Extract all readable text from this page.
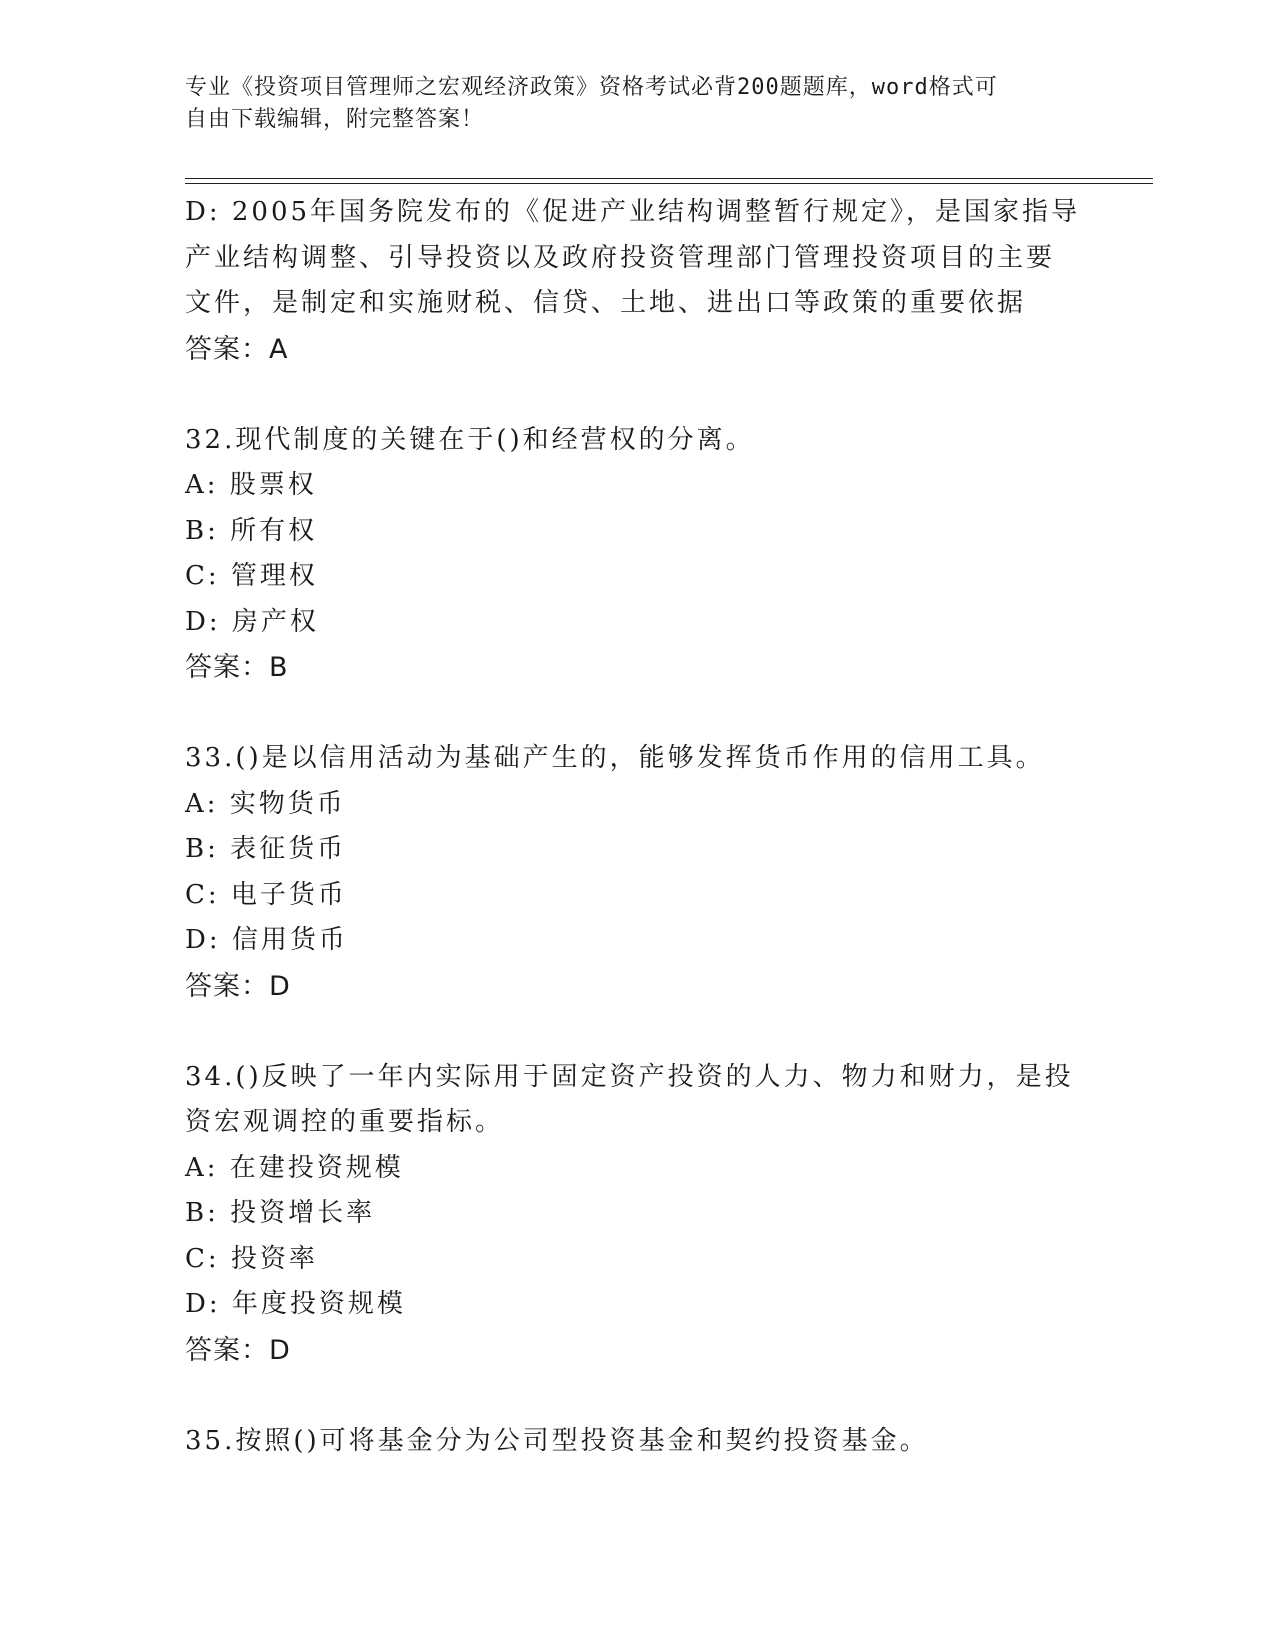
专业《投资项目管理师之宏观经济政策》资格考试必背200题题库，word格式可
自由下载编辑，附完整答案！
D: 2005年国务院发布的《促进产业结构调整暂行规定》，是国家指导
产业结构调整、引导投资以及政府投资管理部门管理投资项目的主要
文件，是制定和实施财税、信贷、土地、进出口等政策的重要依据
答案：A
32.现代制度的关键在于()和经营权的分离。
A: 股票权
B: 所有权
C: 管理权
D: 房产权
答案：B
33.()是以信用活动为基础产生的，能够发挥货币作用的信用工具。
A: 实物货币
B: 表征货币
C: 电子货币
D: 信用货币
答案：D
34.()反映了一年内实际用于固定资产投资的人力、物力和财力，是投
资宏观调控的重要指标。
A: 在建投资规模
B: 投资增长率
C: 投资率
D: 年度投资规模
答案：D
35.按照()可将基金分为公司型投资基金和契约投资基金。
